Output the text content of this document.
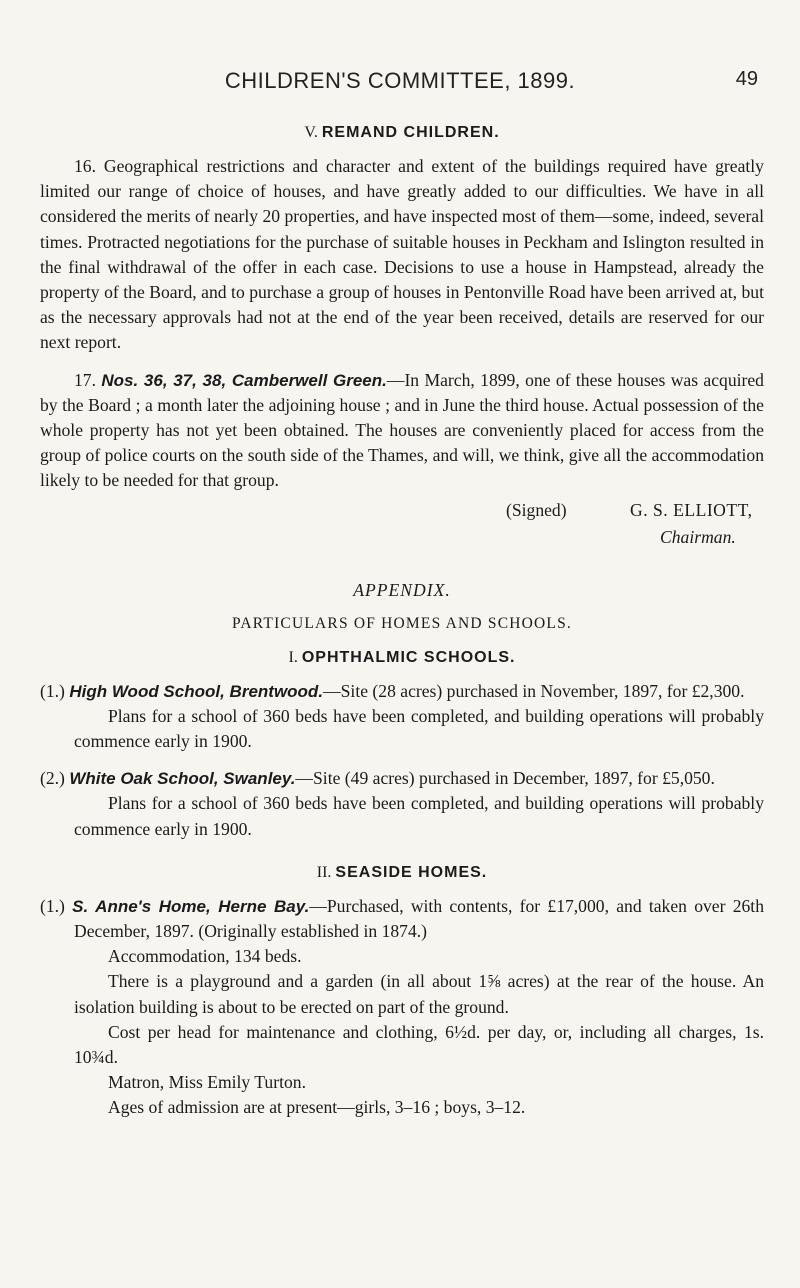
CHILDREN'S COMMITTEE, 1899.	49
V. REMAND CHILDREN.

16. Geographical restrictions and character and extent of the buildings required have greatly limited our range of choice of houses, and have greatly added to our difficulties. We have in all considered the merits of nearly 20 properties, and have inspected most of them—some, indeed, several times. Protracted negotiations for the purchase of suitable houses in Peckham and Islington resulted in the final withdrawal of the offer in each case. Decisions to use a house in Hampstead, already the property of the Board, and to purchase a group of houses in Pentonville Road have been arrived at, but as the necessary approvals had not at the end of the year been received, details are reserved for our next report.

17. Nos. 36, 37, 38, Camberwell Green.—In March, 1899, one of these houses was acquired by the Board ; a month later the adjoining house ; and in June the third house. Actual possession of the whole property has not yet been obtained. The houses are conveniently placed for access from the group of police courts on the south side of the Thames, and will, we think, give all the accommodation likely to be needed for that group.

(Signed)	G. S. ELLIOTT,
Chairman.
APPENDIX.
PARTICULARS OF HOMES AND SCHOOLS.
I. OPHTHALMIC SCHOOLS.

(1.) High Wood School, Brentwood.—Site (28 acres) purchased in November, 1897, for £2,300.

Plans for a school of 360 beds have been completed, and building operations will probably commence early in 1900.

(2.) White Oak School, Swanley.—Site (49 acres) purchased in December, 1897, for £5,050.

Plans for a school of 360 beds have been completed, and building operations will probably commence early in 1900.

II. SEASIDE HOMES.

(1.) S. Anne's Home, Herne Bay.—Purchased, with contents, for £17,000, and taken over 26th December, 1897. (Originally established in 1874.)

Accommodation, 134 beds.

There is a playground and a garden (in all about 1⅝ acres) at the rear of the house. An isolation building is about to be erected on part of the ground.

Cost per head for maintenance and clothing, 6½d. per day, or, including all charges, 1s. 10¾d.

Matron, Miss Emily Turton.

Ages of admission are at present—girls, 3–16 ; boys, 3–12.
